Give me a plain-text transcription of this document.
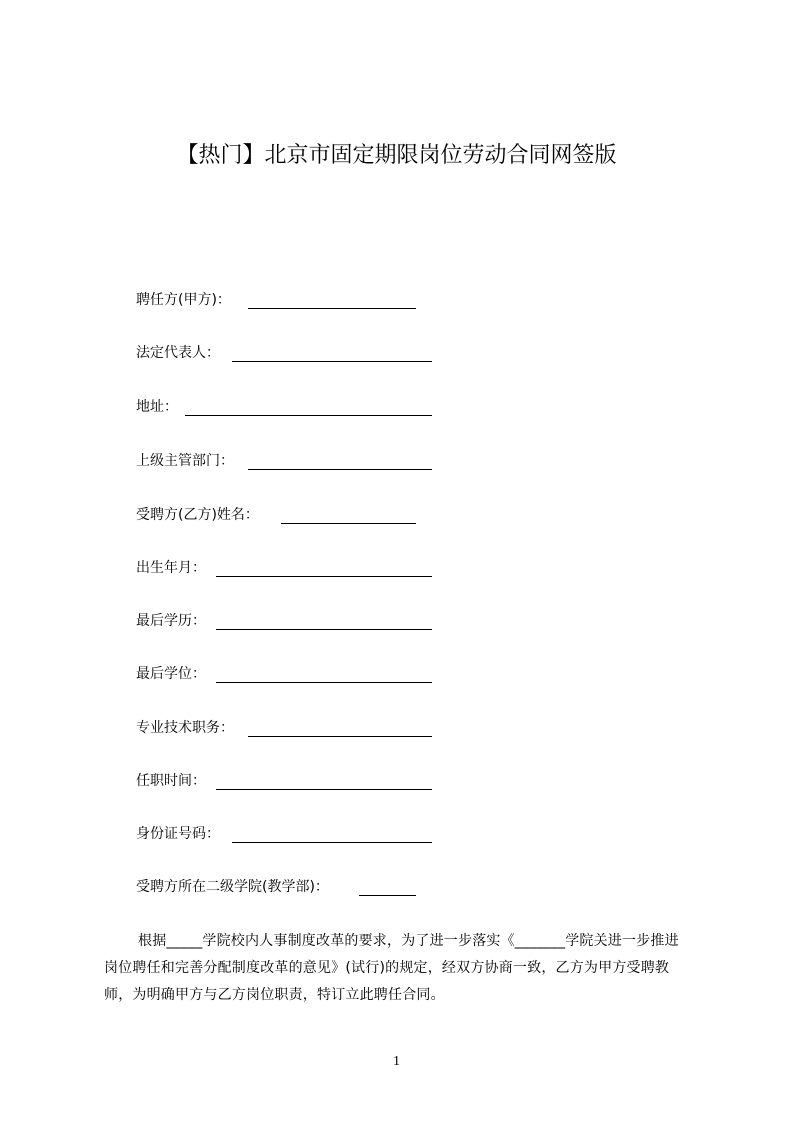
【热门】北京市固定期限岗位劳动合同网签版
聘任方(甲方)：
法定代表人：
地址：
上级主管部门：
受聘方(乙方)姓名：
出生年月：
最后学历：
最后学位：
专业技术职务：
任职时间：
身份证号码：
受聘方所在二级学院(教学部)：
根据_____学院校内人事制度改革的要求，为了进一步落实《_______学院关进一步推进岗位聘任和完善分配制度改革的意见》(试行)的规定，经双方协商一致，乙方为甲方受聘教师，为明确甲方与乙方岗位职责，特订立此聘任合同。
1
